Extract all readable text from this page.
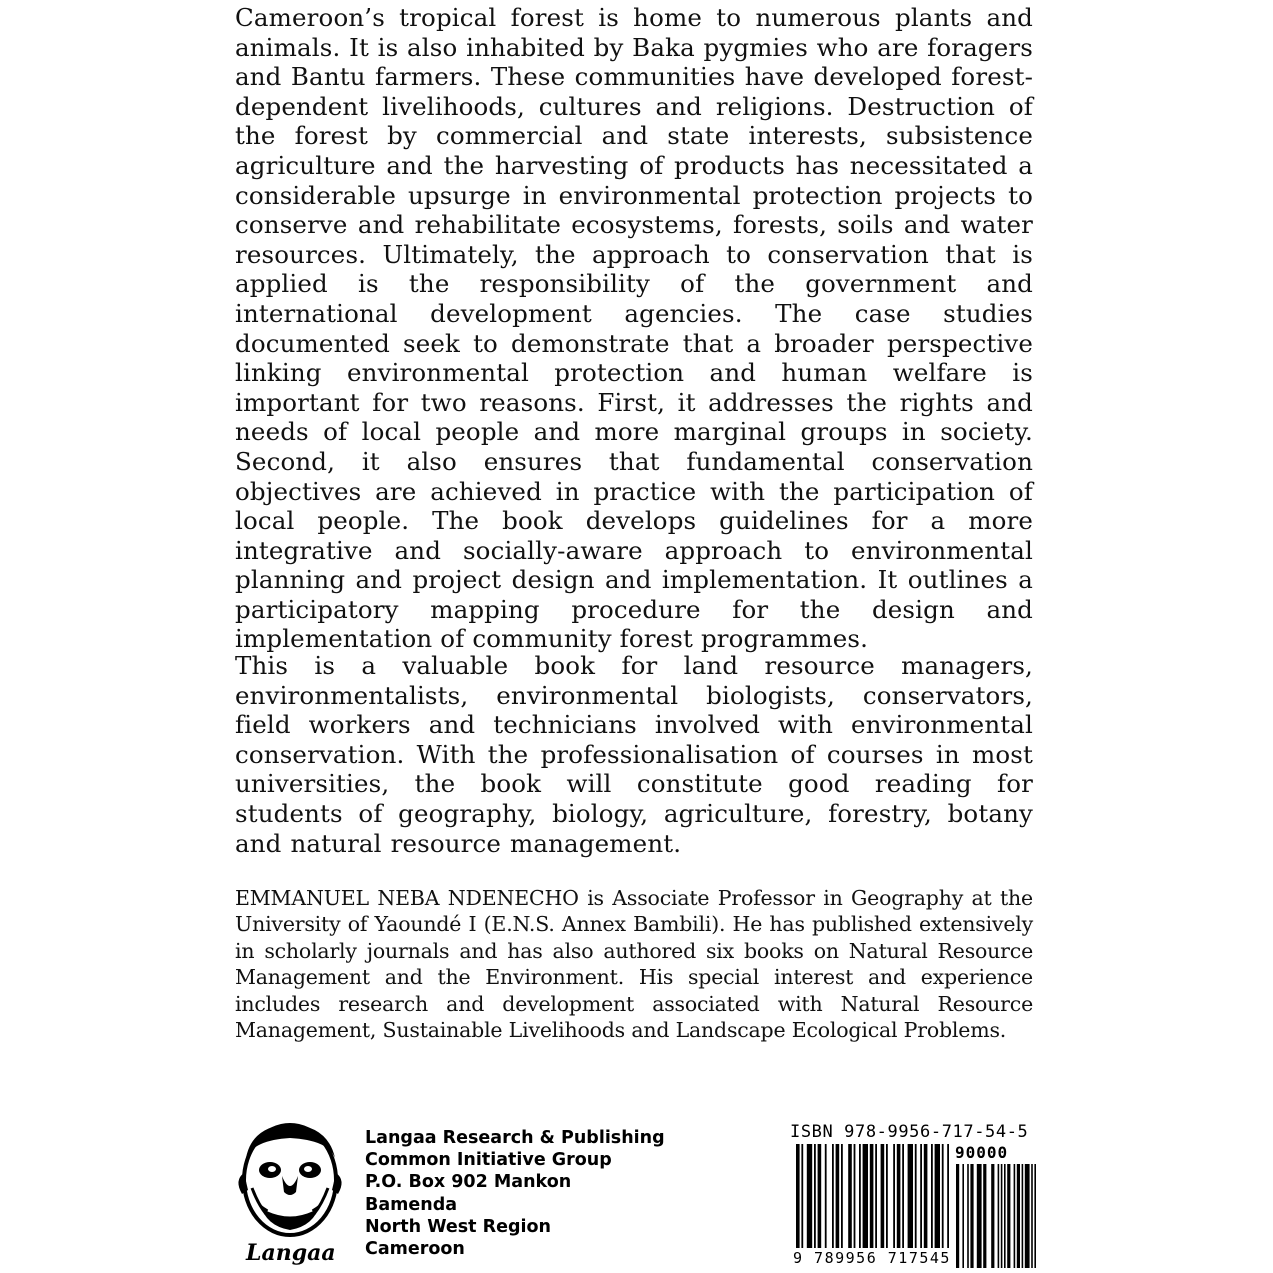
Cameroon’s tropical forest is home to numerous plants and animals. It is also inhabited by Baka pygmies who are foragers and Bantu farmers. These communities have developed forest-dependent livelihoods, cultures and religions. Destruction of the forest by commercial and state interests, subsistence agriculture and the harvesting of products has necessitated a considerable upsurge in environmental protection projects to conserve and rehabilitate ecosystems, forests, soils and water resources. Ultimately, the approach to conservation that is applied is the responsibility of the government and international development agencies. The case studies documented seek to demonstrate that a broader perspective linking environmental protection and human welfare is important for two reasons. First, it addresses the rights and needs of local people and more marginal groups in society. Second, it also ensures that fundamental conservation objectives are achieved in practice with the participation of local people. The book develops guidelines for a more integrative and socially-aware approach to environmental planning and project design and implementation. It outlines a participatory mapping procedure for the design and implementation of community forest programmes.

This is a valuable book for land resource managers, environmentalists, environmental biologists, conservators, field workers and technicians involved with environmental conservation. With the professionalisation of courses in most universities, the book will constitute good reading for students of geography, biology, agriculture, forestry, botany and natural resource management.

EMMANUEL NEBA NDENECHO is Associate Professor in Geography at the University of Yaoundé I (E.N.S. Annex Bambili). He has published extensively in scholarly journals and has also authored six books on Natural Resource Management and the Environment. His special interest and experience includes research and development associated with Natural Resource Management, Sustainable Livelihoods and Landscape Ecological Problems.

Langaa
Langaa Research & Publishing
Common Initiative Group
P.O. Box 902 Mankon
Bamenda
North West Region
Cameroon
ISBN 978-9956-717-54-5
90000
9 789956 717545
